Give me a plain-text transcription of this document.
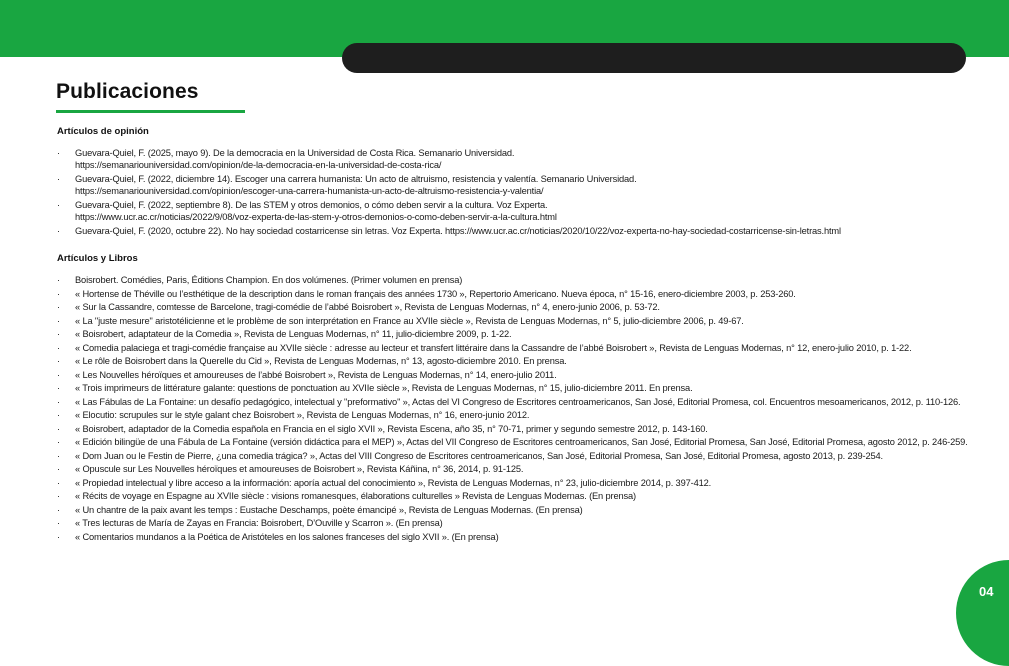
Publicaciones
Artículos de opinión
· Guevara-Quiel, F. (2025, mayo 9). De la democracia en la Universidad de Costa Rica. Semanario Universidad.
https://semanariouniversidad.com/opinion/de-la-democracia-en-la-universidad-de-costa-rica/
· Guevara-Quiel, F. (2022, diciembre 14). Escoger una carrera humanista: Un acto de altruismo, resistencia y valentía. Semanario Universidad.
https://semanariouniversidad.com/opinion/escoger-una-carrera-humanista-un-acto-de-altruismo-resistencia-y-valentia/
· Guevara-Quiel, F. (2022, septiembre 8). De las STEM y otros demonios, o cómo deben servir a la cultura. Voz Experta.
https://www.ucr.ac.cr/noticias/2022/9/08/voz-experta-de-las-stem-y-otros-demonios-o-como-deben-servir-a-la-cultura.html
· Guevara-Quiel, F. (2020, octubre 22). No hay sociedad costarricense sin letras. Voz Experta. https://www.ucr.ac.cr/noticias/2020/10/22/voz-experta-no-hay-sociedad-costarricense-sin-letras.html
Artículos y Libros
· Boisrobert. Comédies, Paris, Éditions Champion. En dos volúmenes. (Primer volumen en prensa)
· « Hortense de Théville ou l’esthétique de la description dans le roman français des années 1730 », Repertorio Americano. Nueva época, n° 15-16, enero-diciembre 2003, p. 253-260.
· « Sur la Cassandre, comtesse de Barcelone, tragi-comédie de l’abbé Boisrobert », Revista de Lenguas Modernas, n° 4, enero-junio 2006, p. 53-72.
· « La "juste mesure" aristotélicienne et le problème de son interprétation en France au XVIIe siècle », Revista de Lenguas Modernas, n° 5, julio-diciembre 2006, p. 49-67.
· « Boisrobert, adaptateur de la Comedia », Revista de Lenguas Modernas, n° 11, julio-diciembre 2009, p. 1-22.
· « Comedia palaciega et tragi-comédie française au XVIIe siècle : adresse au lecteur et transfert littéraire dans la Cassandre de l’abbé Boisrobert », Revista de Lenguas Modernas, n° 12, enero-julio 2010, p. 1-22.
· « Le rôle de Boisrobert dans la Querelle du Cid », Revista de Lenguas Modernas, n° 13, agosto-diciembre 2010. En prensa.
· « Les Nouvelles héroïques et amoureuses de l’abbé Boisrobert », Revista de Lenguas Modernas, n° 14, enero-julio 2011.
· « Trois imprimeurs de littérature galante: questions de ponctuation au XVIIe siècle », Revista de Lenguas Modernas, n° 15, julio-diciembre 2011. En prensa.
· « Las Fábulas de La Fontaine: un desafío pedagógico, intelectual y "preformativo" », Actas del VI Congreso de Escritores centroamericanos, San José, Editorial Promesa, col. Encuentros mesoamericanos, 2012, p. 110-126.
· « Elocutio: scrupules sur le style galant chez Boisrobert », Revista de Lenguas Modernas, n° 16, enero-junio 2012.
· « Boisrobert, adaptador de la Comedia española en Francia en el siglo XVII », Revista Escena, año 35, n° 70-71, primer y segundo semestre 2012, p. 143-160.
· « Edición bilingüe de una Fábula de La Fontaine (versión didáctica para el MEP) », Actas del VII Congreso de Escritores centroamericanos, San José, Editorial Promesa, San José, Editorial Promesa, agosto 2012, p. 246-259.
· « Dom Juan ou le Festin de Pierre, ¿una comedia trágica? », Actas del VIII Congreso de Escritores centroamericanos, San José, Editorial Promesa, San José, Editorial Promesa, agosto 2013, p. 239-254.
· « Opuscule sur Les Nouvelles héroïques et amoureuses de Boisrobert », Revista Káñina, n° 36, 2014, p. 91-125.
· « Propiedad intelectual y libre acceso a la información: aporía actual del conocimiento », Revista de Lenguas Modernas, n° 23, julio-diciembre 2014, p. 397-412.
· « Récits de voyage en Espagne au XVIIe siècle : visions romanesques, élaborations culturelles » Revista de Lenguas Modernas. (En prensa)
· « Un chantre de la paix avant les temps : Eustache Deschamps, poète émancipé », Revista de Lenguas Modernas. (En prensa)
· « Tres lecturas de María de Zayas en Francia: Boisrobert, D’Ouville y Scarron ». (En prensa)
· « Comentarios mundanos a la Poética de Aristóteles en los salones franceses del siglo XVII ». (En prensa)
04
